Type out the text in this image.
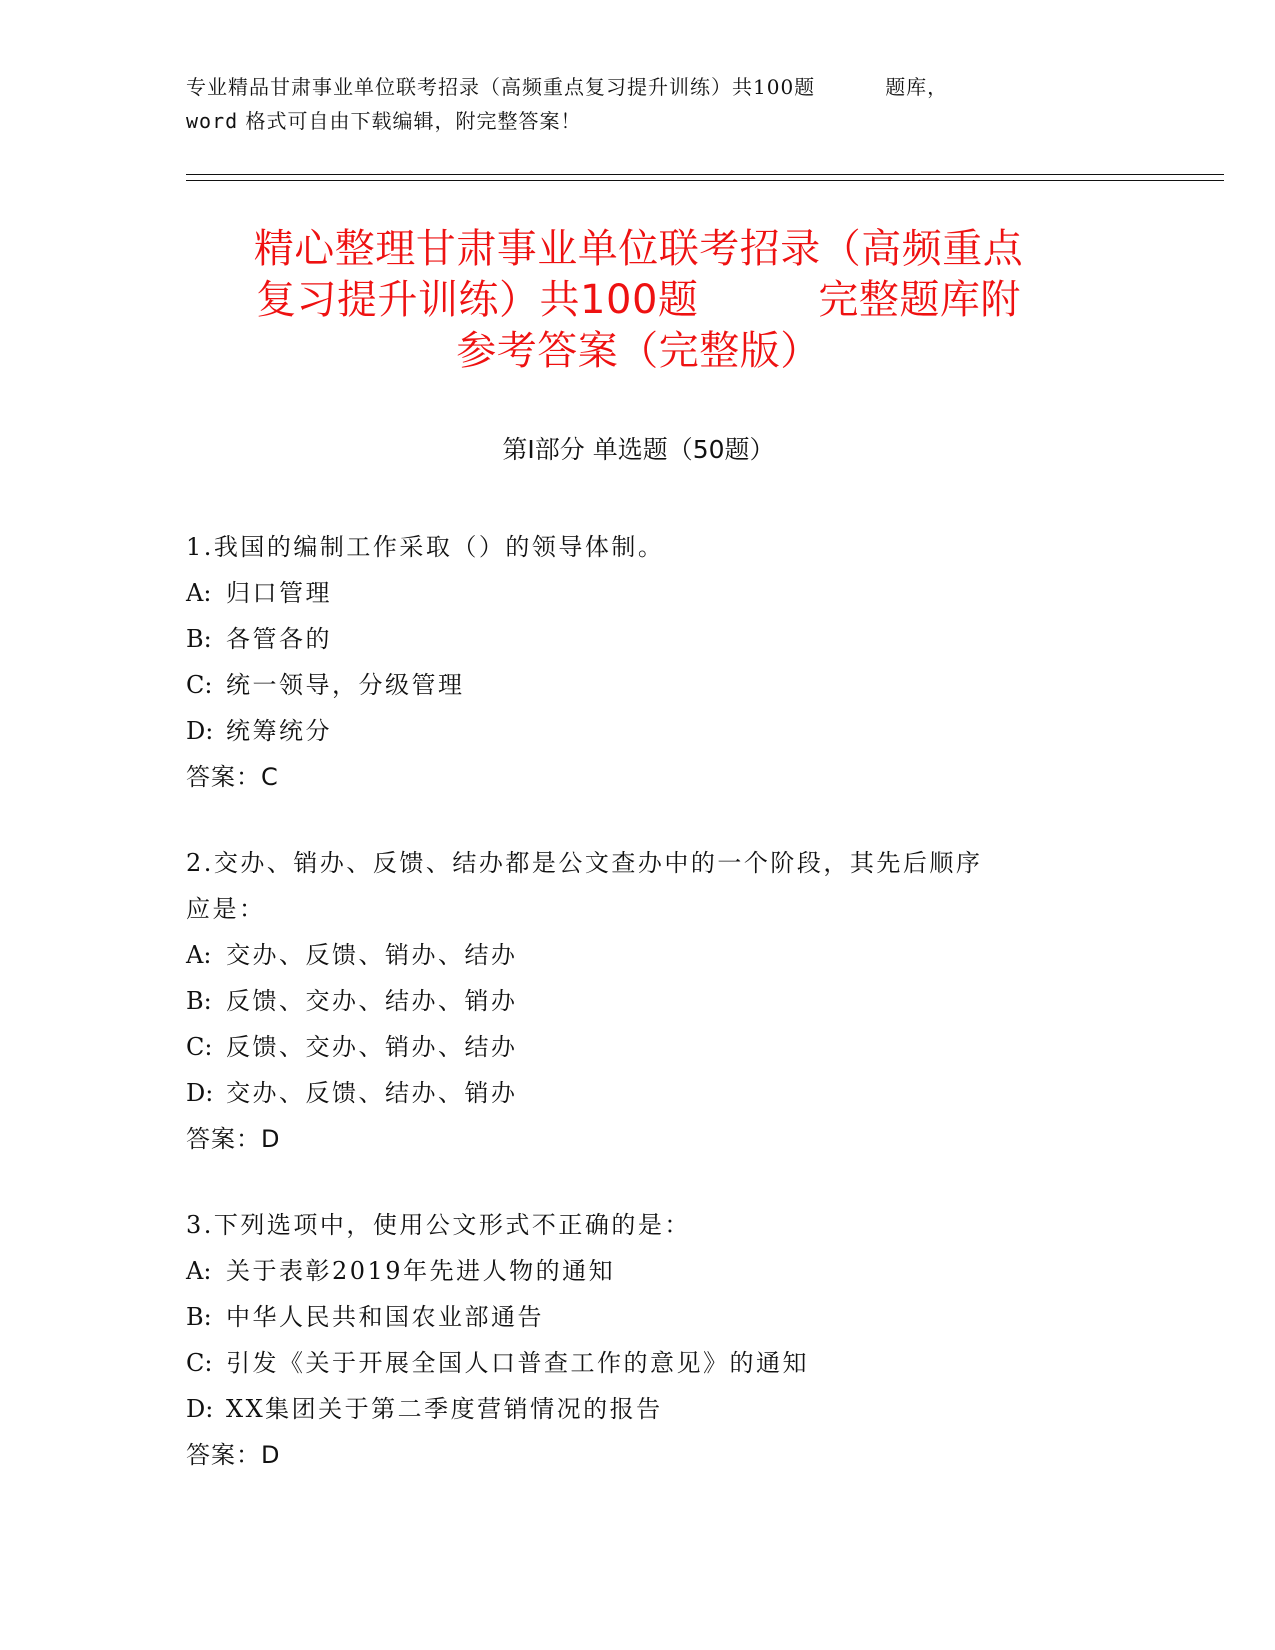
专业精品甘肃事业单位联考招录（高频重点复习提升训练）共100题	题库，
word 格式可自由下载编辑，附完整答案！
精心整理甘肃事业单位联考招录（高频重点
复习提升训练）共100题	完整题库附
参考答案（完整版）
第Ⅰ部分 单选题（50题）
1.我国的编制工作采取（）的领导体制。
A: 归口管理
B: 各管各的
C: 统一领导，分级管理
D: 统筹统分
答案：C
2.交办、销办、反馈、结办都是公文查办中的一个阶段，其先后顺序
应是：
A: 交办、反馈、销办、结办
B: 反馈、交办、结办、销办
C: 反馈、交办、销办、结办
D: 交办、反馈、结办、销办
答案：D
3.下列选项中，使用公文形式不正确的是：
A: 关于表彰2019年先进人物的通知
B: 中华人民共和国农业部通告
C: 引发《关于开展全国人口普查工作的意见》的通知
D: XX集团关于第二季度营销情况的报告
答案：D
